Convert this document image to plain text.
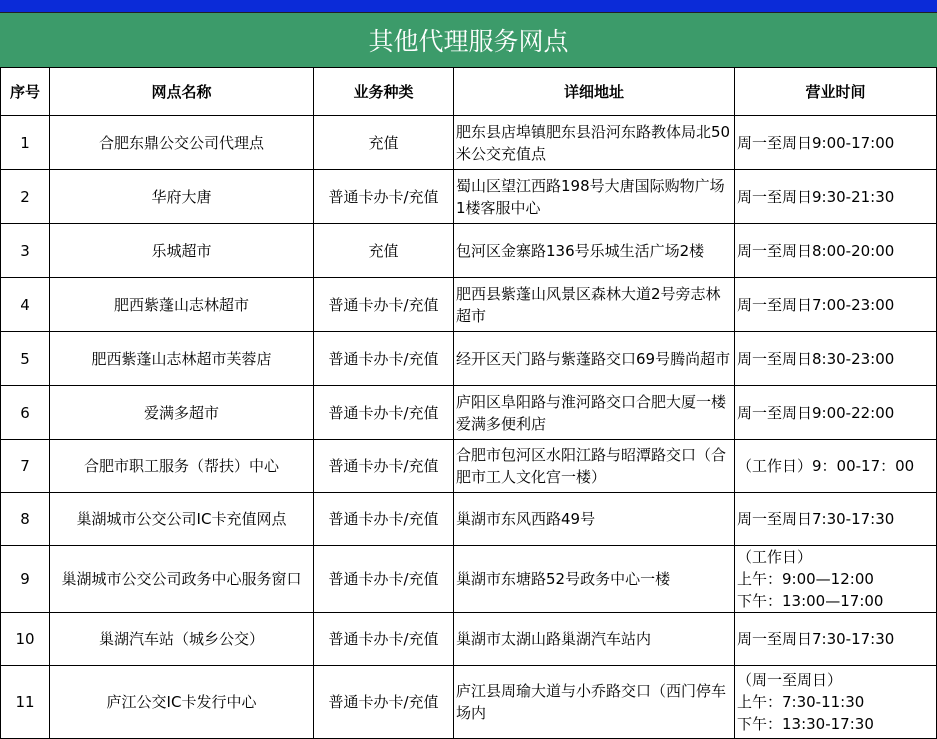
其他代理服务网点
序号	网点名称	业务种类	详细地址	营业时间
1	合肥东鼎公交公司代理点	充值	肥东县店埠镇肥东县沿河东路教体局北50米公交充值点	周一至周日9:00-17:00

2	华府大唐	普通卡办卡/充值	蜀山区望江西路198号大唐国际购物广场1楼客服中心	周一至周日9:30-21:30

3	乐城超市	充值	包河区金寨路136号乐城生活广场2楼	周一至周日8:00-20:00

4	肥西紫蓬山志林超市	普通卡办卡/充值	肥西县紫蓬山风景区森林大道2号旁志林超市	周一至周日7:00-23:00

5	肥西紫蓬山志林超市芙蓉店	普通卡办卡/充值	经开区天门路与紫蓬路交口69号腾尚超市	周一至周日8:30-23:00

6	爱满多超市	普通卡办卡/充值	庐阳区阜阳路与淮河路交口合肥大厦一楼爱满多便利店	周一至周日9:00-22:00

7	合肥市职工服务（帮扶）中心	普通卡办卡/充值	合肥市包河区水阳江路与昭潭路交口（合肥市工人文化宫一楼）	（工作日）9：00-17：00

8	巢湖城市公交公司IC卡充值网点	普通卡办卡/充值	巢湖市东风西路49号	周一至周日7:30-17:30

9	巢湖城市公交公司政务中心服务窗口	普通卡办卡/充值	巢湖市东塘路52号政务中心一楼	（工作日）
上午：9:00—12:00
下午：13:00—17:00

10	巢湖汽车站（城乡公交）	普通卡办卡/充值	巢湖市太湖山路巢湖汽车站内	周一至周日7:30-17:30

11	庐江公交IC卡发行中心	普通卡办卡/充值	庐江县周瑜大道与小乔路交口（西门停车场内	（周一至周日）
上午：7:30-11:30
下午：13:30-17:30
